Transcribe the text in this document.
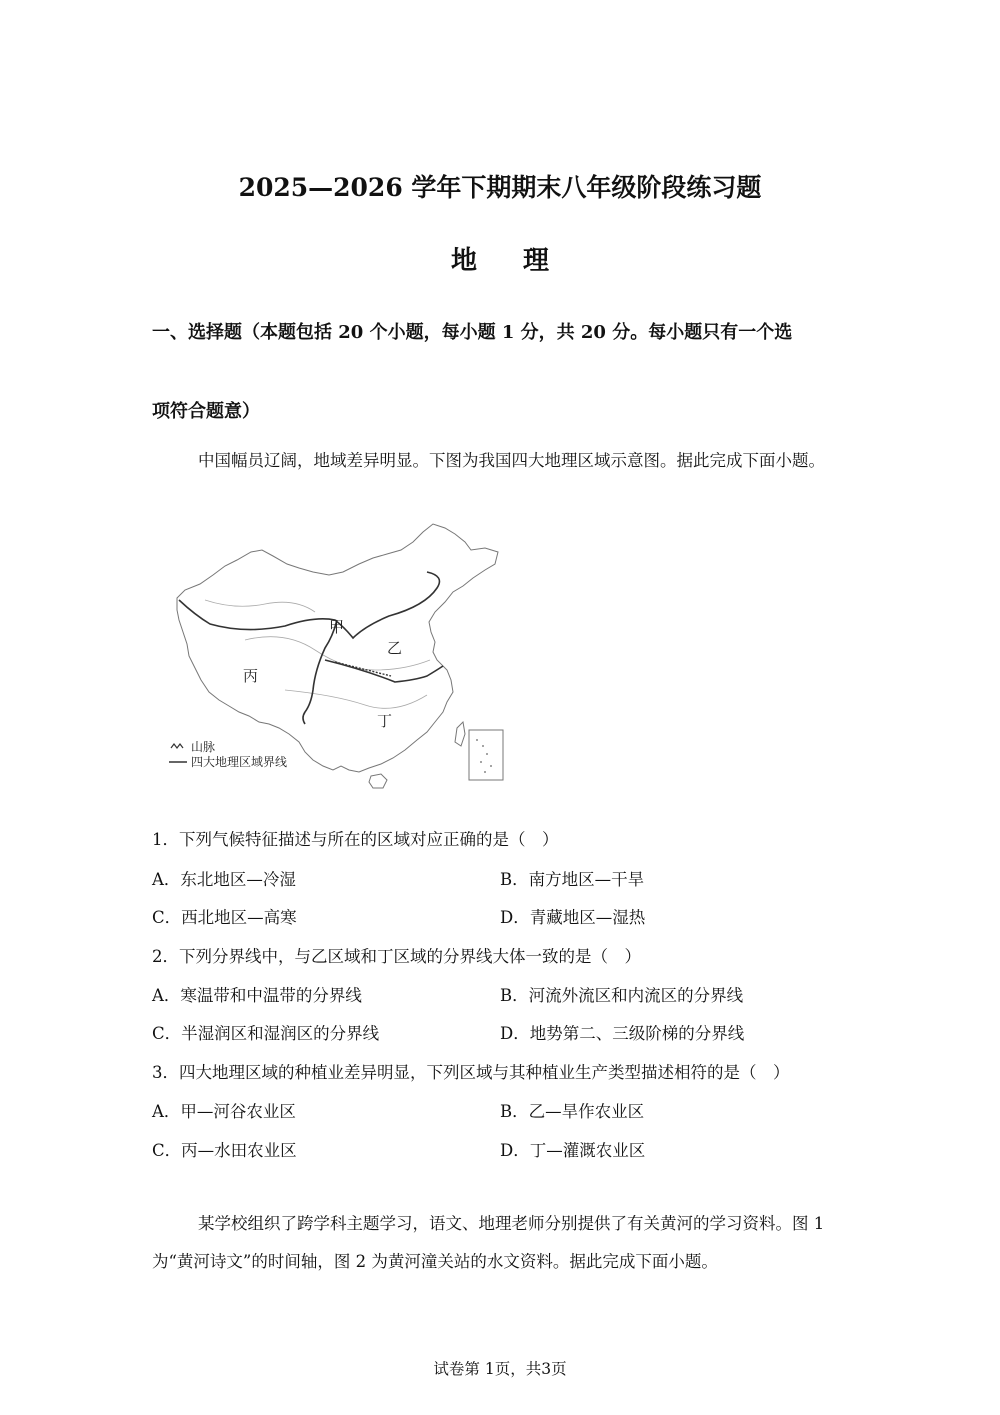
2025—2026 学年下期期末八年级阶段练习题
地理
一、选择题（本题包括 20 个小题，每小题 1 分，共 20 分。每小题只有一个选
项符合题意）
中国幅员辽阔，地域差异明显。下图为我国四大地理区域示意图。据此完成下面小题。
甲
乙
丙
丁
山脉
四大地理区域界线
1．下列气候特征描述与所在的区域对应正确的是（　）
A．东北地区—冷湿	B．南方地区—干旱
C．西北地区—高寒	D．青藏地区—湿热
2．下列分界线中，与乙区域和丁区域的分界线大体一致的是（　）
A．寒温带和中温带的分界线	B．河流外流区和内流区的分界线
C．半湿润区和湿润区的分界线	D．地势第二、三级阶梯的分界线
3．四大地理区域的种植业差异明显，下列区域与其种植业生产类型描述相符的是（　）
A．甲—河谷农业区	B．乙—旱作农业区
C．丙—水田农业区	D．丁—灌溉农业区
某学校组织了跨学科主题学习，语文、地理老师分别提供了有关黄河的学习资料。图 1 为“黄河诗文”的时间轴，图 2 为黄河潼关站的水文资料。据此完成下面小题。
试卷第 1页，共3页
